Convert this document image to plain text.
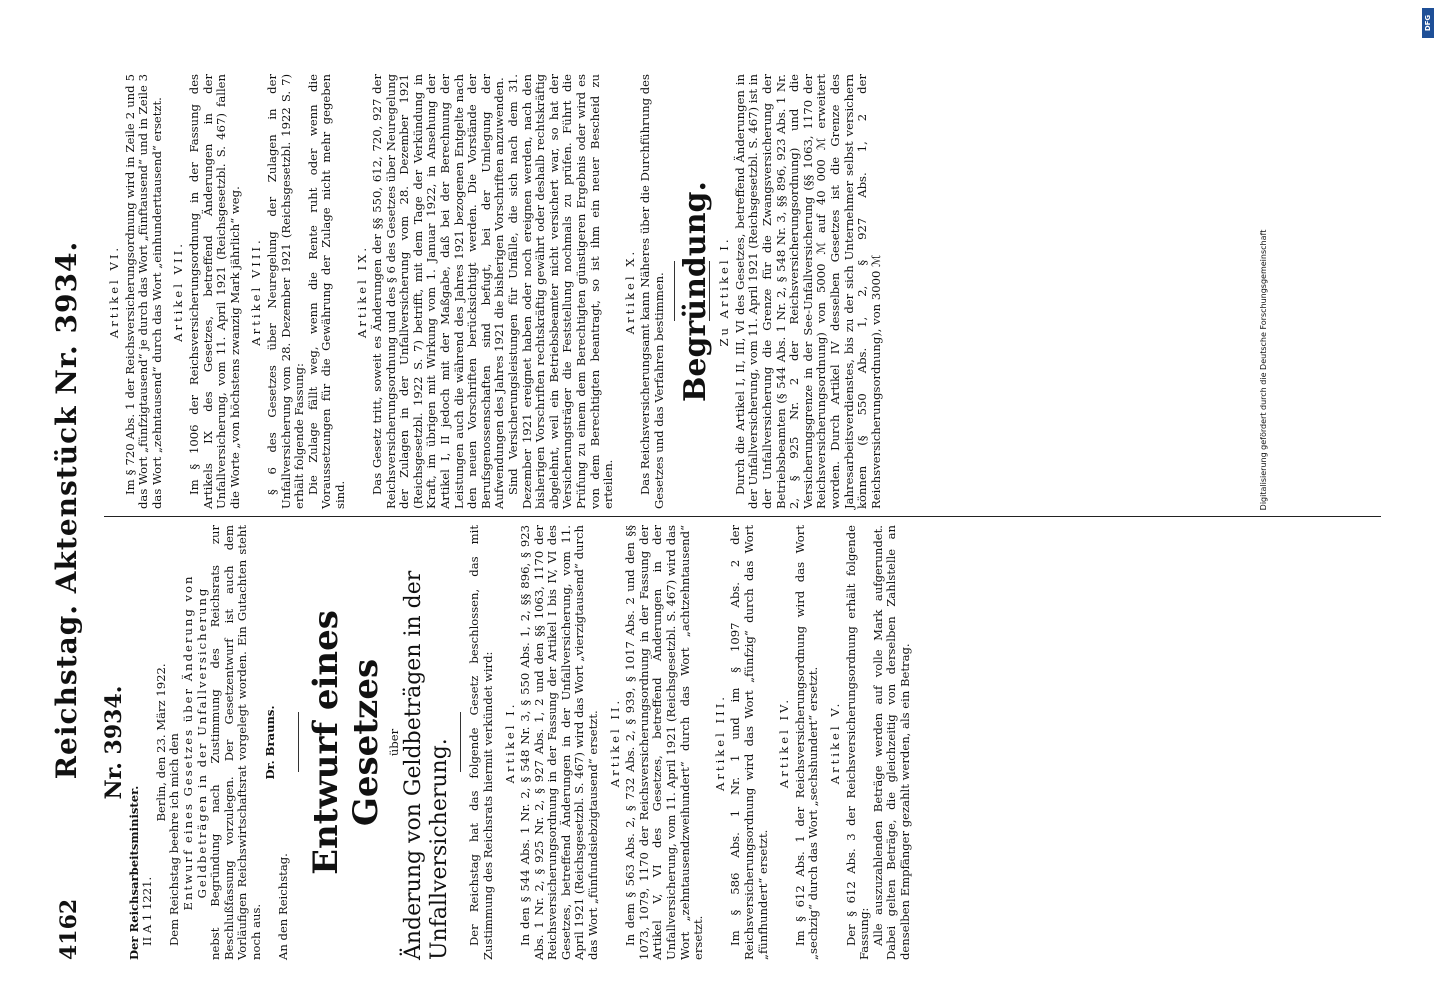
4162
Reichstag. Aktenstück Nr. 3934. Nr. 3934.

Der Reichsarbeitsminister. II A 1 1221.

Berlin, den 23. März 1922. Dem Reichstag beehre ich mich den Entwurf eines Gesetzes über Änderung von Geldbeträgen in der Unfallversicherung nebst Begründung nach Zustimmung des Reichsrats zur Beschlußfassung vorzulegen. Der Gesetzentwurf ist auch dem Vorläufigen Reichswirtschaftsrat vorgelegt worden. Ein Gutachten steht noch aus.

Dr. Brauns.

An den Reichstag.

Entwurf eines Gesetzes über Änderung von Geldbeträgen in der Unfallversicherung. Der Reichstag hat das folgende Gesetz beschlossen, das mit Zustimmung des Reichsrats hiermit verkündet wird: Artikel I. In den § 544 Abs. 1 Nr. 2, § 548 Nr. 3, § 550 Abs. 1, 2, §§ 896, § 923 Abs. 1 Nr. 2, § 925 Nr. 2, § 927 Abs. 1, 2 und den §§ 1063, 1170 der Reichsversicherungsordnung in der Fassung der Artikel I bis IV, VI des Gesetzes, betreffend Änderungen in der Unfallversicherung, vom 11. April 1921 (Reichsgesetzbl. S. 467) wird das Wort „vierzigtausend“ durch das Wort „fünfundsiebzigtausend“ ersetzt. Artikel II. In dem § 563 Abs. 2, § 732 Abs. 2, § 939, § 1017 Abs. 2 und den §§ 1073, 1079, 1170 der Reichsversicherungsordnung in der Fassung der Artikel V, VI des Gesetzes, betreffend Änderungen in der Unfallversicherung, vom 11. April 1921 (Reichsgesetzbl. S. 467) wird das Wort „zehntausendzweihundert“ durch das Wort „achtzehntausend“ ersetzt.

Artikel III. Im § 586 Abs. 1 Nr. 1 und im § 1097 Abs. 2 der Reichsversicherungsordnung wird das Wort „fünfzig“ durch das Wort „fünfhundert“ ersetzt.

Artikel IV. Im § 612 Abs. 1 der Reichsversicherungsordnung wird das Wort „sechzig“ durch das Wort „sechshundert“ ersetzt. Artikel V. Der § 612 Abs. 3 der Reichsversicherungsordnung erhält folgende Fassung: Alle auszuzahlenden Beträge werden auf volle Mark aufgerundet. Dabei gelten Beträge, die gleichzeitig von derselben Zahlstelle an denselben Empfänger gezahlt werden, als ein Betrag.

Artikel VI. Im § 720 Abs. 1 der Reichsversicherungsordnung wird in Zeile 2 und 5 das Wort „fünfzigtausend“ je durch das Wort „fünftausend“ und in Zeile 3 das Wort „zehntausend“ durch das Wort „einhunderttausend“ ersetzt. Artikel VII. Im § 1006 der Reichsversicherungsordnung in der Fassung des Artikels IX des Gesetzes, betreffend Änderungen in der Unfallversicherung, vom 11. April 1921 (Reichsgesetzbl. S. 467) fallen die Worte „von höchstens zwanzig Mark jährlich“ weg. Artikel VIII. § 6 des Gesetzes über Neuregelung der Zulagen in der Unfallversicherung vom 28. Dezember 1921 (Reichsgesetzbl. 1922 S. 7) erhält folgende Fassung: Die Zulage fällt weg, wenn die Rente ruht oder wenn die Voraussetzungen für die Gewährung der Zulage nicht mehr gegeben sind.

Artikel IX. Das Gesetz tritt, soweit es Änderungen der §§ 550, 612, 720, 927 der Reichsversicherungsordnung und des § 6 des Gesetzes über Neuregelung der Zulagen in der Unfallversicherung vom 28. Dezember 1921 (Reichsgesetzbl. 1922 S. 7) betrifft, mit dem Tage der Verkündung in Kraft, im übrigen mit Wirkung vom 1. Januar 1922, in Ansehung der Artikel I, II jedoch mit der Maßgabe, daß bei der Berechnung der Leistungen auch die während des Jahres 1921 bezogenen Entgelte nach den neuen Vorschriften berücksichtigt werden. Die Vorstände der Berufsgenossenschaften sind befugt, bei der Umlegung der Aufwendungen des Jahres 1921 die bisherigen Vorschriften anzuwenden. Sind Versicherungsleistungen für Unfälle, die sich nach dem 31. Dezember 1921 ereignet haben oder noch ereignen werden, nach den bisherigen Vorschriften rechtskräftig gewährt oder deshalb rechtskräftig abgelehnt, weil ein Betriebsbeamter nicht versichert war, so hat der Versicherungsträger die Feststellung nochmals zu prüfen. Führt die Prüfung zu einem dem Berechtigten günstigeren Ergebnis oder wird es von dem Berechtigten beantragt, so ist ihm ein neuer Bescheid zu erteilen.

Artikel X. Das Reichsversicherungsamt kann Näheres über die Durchführung des Gesetzes und das Verfahren bestimmen. Begründung. Zu Artikel I. Durch die Artikel I, II, III, VI des Gesetzes, betreffend Änderungen in der Unfallversicherung, vom 11. April 1921 (Reichsgesetzbl. S. 467) ist in der Unfallversicherung die Grenze für die Zwangsversicherung der Betriebsbeamten (§ 544 Abs. 1 Nr. 2, § 548 Nr. 3, §§ 896, 923 Abs. 1 Nr. 2, § 925 Nr. 2 der Reichsversicherungsordnung) und die Versicherungsgrenze in der See-Unfallversicherung (§§ 1063, 1170 der Reichsversicherungsordnung) von 5000 ℳ auf 40 000 ℳ erweitert worden. Durch Artikel IV desselben Gesetzes ist die Grenze des Jahresarbeitsverdienstes, bis zu der sich Unternehmer selbst versichern können (§ 550 Abs. 1, 2, § 927 Abs. 1, 2 der Reichsversicherungsordnung), von 3000 ℳ	Digitalisierung gefördert durch die Deutsche Forschungsgemeinschaft
DFG
